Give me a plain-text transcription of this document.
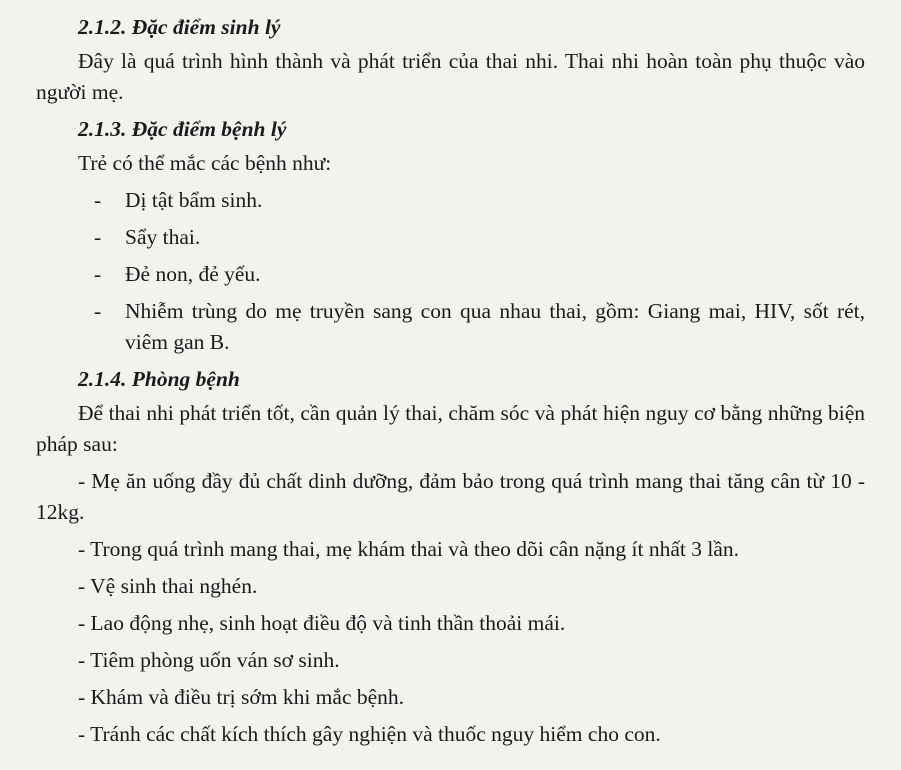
2.1.2. Đặc điểm sinh lý

Đây là quá trình hình thành và phát triển của thai nhi. Thai nhi hoàn toàn phụ thuộc vào người mẹ.

2.1.3. Đặc điểm bệnh lý

Trẻ có thể mắc các bệnh như:

- Dị tật bẩm sinh.
- Sẩy thai.
- Đẻ non, đẻ yếu.
- Nhiễm trùng do mẹ truyền sang con qua nhau thai, gồm: Giang mai, HIV, sốt rét, viêm gan B.
2.1.4. Phòng bệnh

Để thai nhi phát triển tốt, cần quản lý thai, chăm sóc và phát hiện nguy cơ bằng những biện pháp sau:

- Mẹ ăn uống đầy đủ chất dinh dưỡng, đảm bảo trong quá trình mang thai tăng cân từ 10 - 12kg.

- Trong quá trình mang thai, mẹ khám thai và theo dõi cân nặng ít nhất 3 lần.

- Vệ sinh thai nghén.

- Lao động nhẹ, sinh hoạt điều độ và tinh thần thoải mái.

- Tiêm phòng uốn ván sơ sinh.

- Khám và điều trị sớm khi mắc bệnh.

- Tránh các chất kích thích gây nghiện và thuốc nguy hiểm cho con.
